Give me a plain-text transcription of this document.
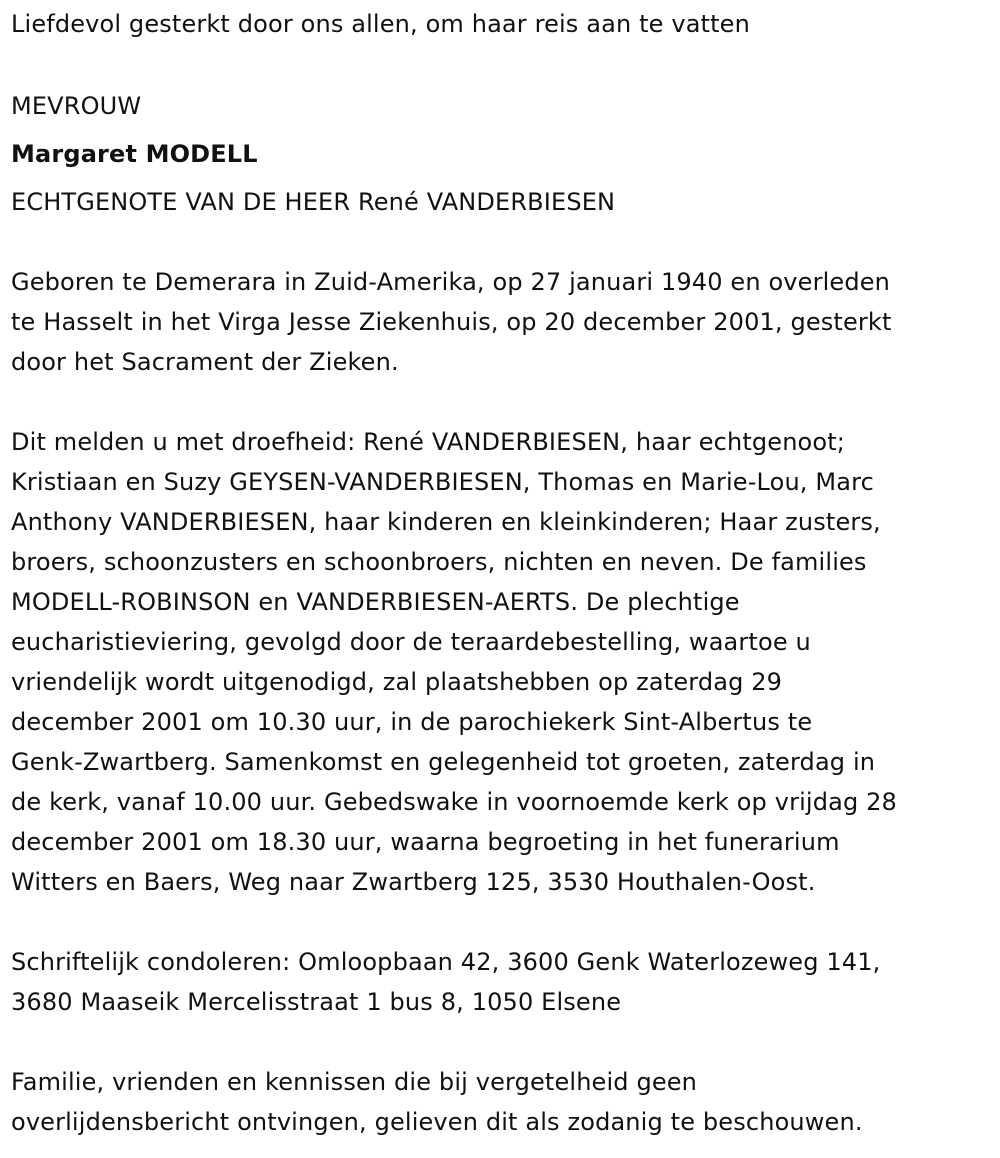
Liefdevol gesterkt door ons allen, om haar reis aan te vatten

MEVROUW

Margaret MODELL

ECHTGENOTE VAN DE HEER René VANDERBIESEN

Geboren te Demerara in Zuid-Amerika, op 27 januari 1940 en overleden
te Hasselt in het Virga Jesse Ziekenhuis, op 20 december 2001, gesterkt
door het Sacrament der Zieken.
Dit melden u met droefheid: René VANDERBIESEN, haar echtgenoot;
Kristiaan en Suzy GEYSEN-VANDERBIESEN, Thomas en Marie-Lou, Marc
Anthony VANDERBIESEN, haar kinderen en kleinkinderen; Haar zusters,
broers, schoonzusters en schoonbroers, nichten en neven. De families
MODELL-ROBINSON en VANDERBIESEN-AERTS. De plechtige
eucharistieviering, gevolgd door de teraardebestelling, waartoe u
vriendelijk wordt uitgenodigd, zal plaatshebben op zaterdag 29
december 2001 om 10.30 uur, in de parochiekerk Sint-Albertus te
Genk-Zwartberg. Samenkomst en gelegenheid tot groeten, zaterdag in
de kerk, vanaf 10.00 uur. Gebedswake in voornoemde kerk op vrijdag 28
december 2001 om 18.30 uur, waarna begroeting in het funerarium
Witters en Baers, Weg naar Zwartberg 125, 3530 Houthalen-Oost.
Schriftelijk condoleren: Omloopbaan 42, 3600 Genk Waterlozeweg 141,
3680 Maaseik Mercelisstraat 1 bus 8, 1050 Elsene
Familie, vrienden en kennissen die bij vergetelheid geen
overlijdensbericht ontvingen, gelieven dit als zodanig te beschouwen.
